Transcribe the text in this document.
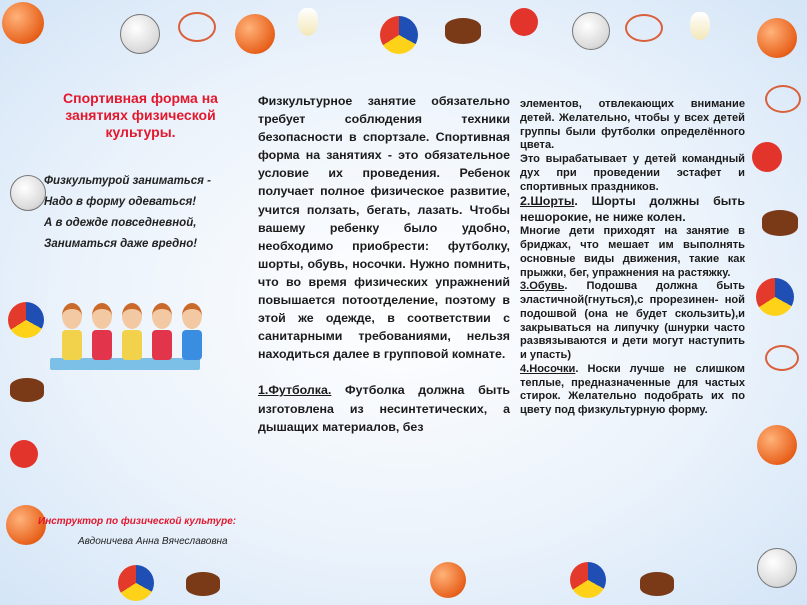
Спортивная форма на занятиях физической культуры.

Физкультурой заниматься -
Надо в форму одеваться!
А в одежде повседневной,
Заниматься даже вредно!
Инструктор по физической культуре:
Авдоничева Анна Вячеславовна

Физкультурное занятие обязательно требует соблюдения техники безопасности в спортзале. Спортивная форма на занятиях - это обязательное условие их проведения. Ребенок получает полное физическое развитие, учится ползать, бегать, лазать. Чтобы вашему ребенку было удобно, необходимо приобрести: футболку, шорты, обувь, носочки. Нужно помнить, что во время физических упражнений повышается потоотделение, поэтому в этой же одежде, в соответствии с санитарными требованиями, нельзя находиться далее в групповой комнате.

1.Футболка. Футболка должна быть изготовлена из несинтетических, а дышащих материалов, без

элементов, отвлекающих внимание детей. Желательно, чтобы у всех детей группы были футболки определённого цвета.

Это вырабатывает у детей командный дух при проведении эстафет и спортивных праздников.

2.Шорты. Шорты должны быть нешорокие, не ниже колен.

Многие дети приходят на занятие в бриджах, что мешает им выполнять основные виды движения, такие как прыжки, бег, упражнения на растяжку.

3.Обувь. Подошва должна быть эластичной(гнуться),с прорезинен- ной подошвой (она не будет скользить),и закрываться на липучку (шнурки часто развязываются и дети могут наступить и упасть)

4.Носочки. Носки лучше не слишком теплые, предназначенные для частых стирок. Желательно подобрать их по цвету под физкультурную форму.
